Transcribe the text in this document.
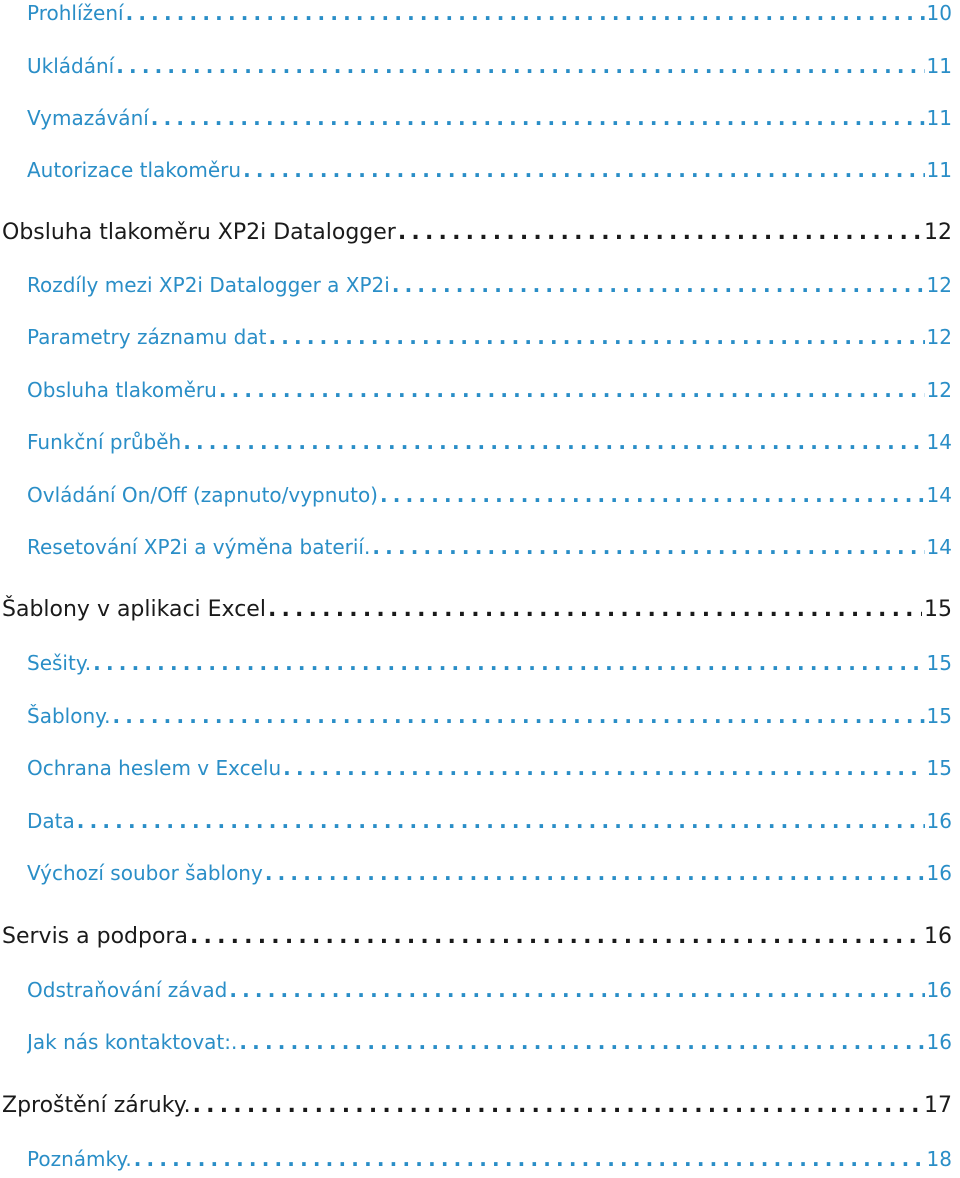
Prohlížení .....	10
Ukládání .....	11
Vymazávání .....	11
Autorizace tlakoměru .....	11
Obsluha tlakoměru XP2i Datalogger .....	12
Rozdíly mezi XP2i Datalogger a XP2i .....	12
Parametry záznamu dat .....	12
Obsluha tlakoměru .....	12
Funkční průběh .....	14
Ovládání On/Off (zapnuto/vypnuto) .....	14
Resetování XP2i a výměna baterií. .....	14
Šablony v aplikaci Excel .....	15
Sešity. .....	15
Šablony. .....	15
Ochrana heslem v Excelu .....	15
Data .....	16
Výchozí soubor šablony .....	16
Servis a podpora .....	16
Odstraňování závad .....	16
Jak nás kontaktovat:. .....	16
Zproštění záruky. .....	17
Poznámky. .....	18
